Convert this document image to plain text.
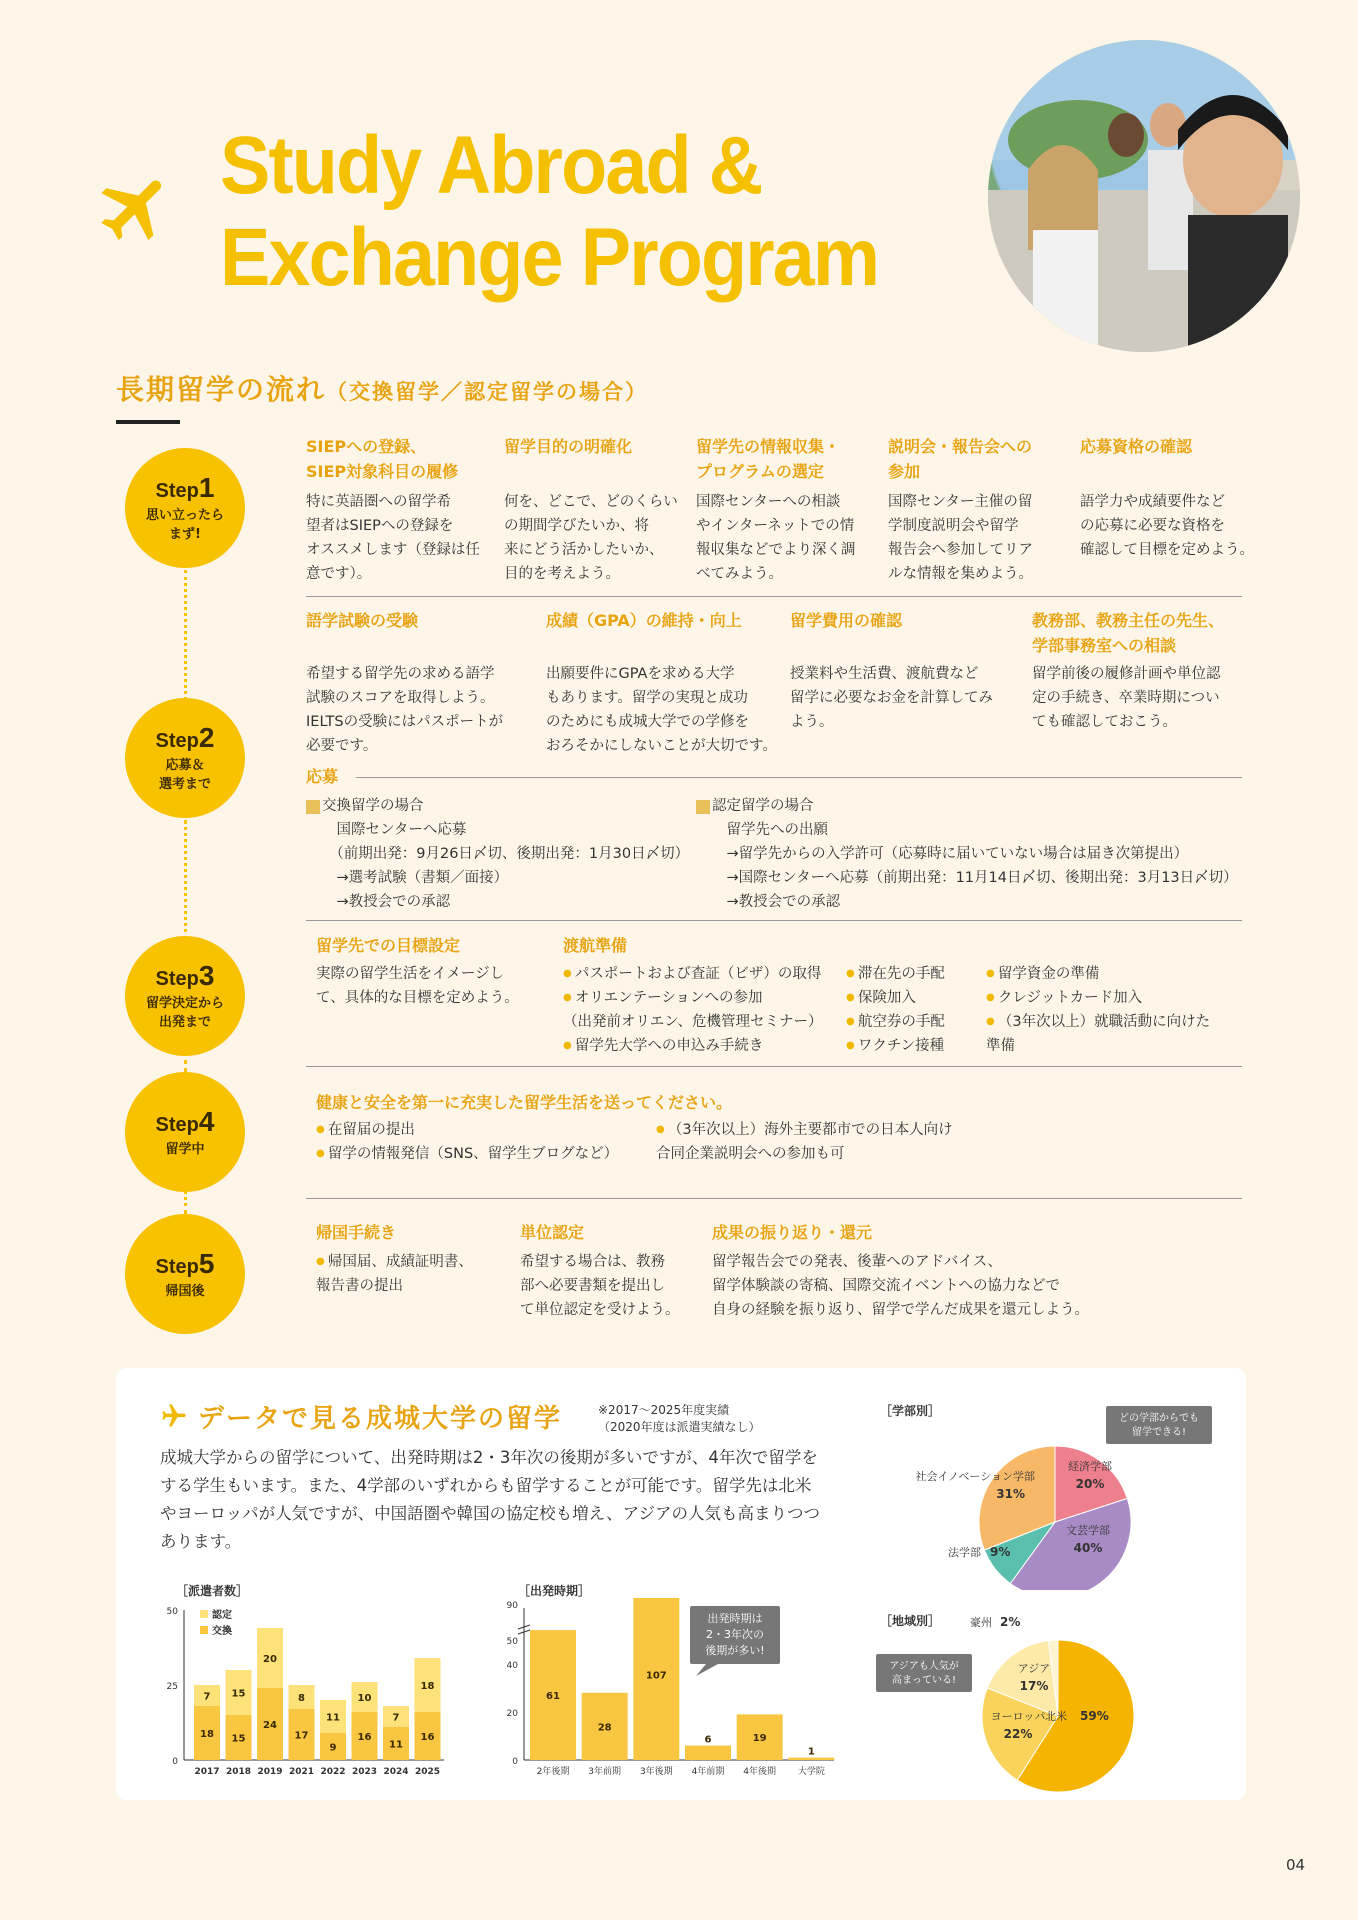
Study Abroad &
Exchange Program
長期留学の流れ（交換留学／認定留学の場合）
Step1
思い立ったら
まず!
Step2
応募＆
選考まで
Step3
留学決定から
出発まで
Step4
留学中
Step5
帰国後
SIEPへの登録、
SIEP対象科目の履修
特に英語圏への留学希
望者はSIEPへの登録を
オススメします（登録は任
意です）。
留学目的の明確化
何を、どこで、どのくらい
の期間学びたいか、将
来にどう活かしたいか、
目的を考えよう。
留学先の情報収集・
プログラムの選定
国際センターへの相談
やインターネットでの情
報収集などでより深く調
べてみよう。
説明会・報告会への
参加
国際センター主催の留
学制度説明会や留学
報告会へ参加してリア
ルな情報を集めよう。
応募資格の確認
語学力や成績要件など
の応募に必要な資格を
確認して目標を定めよう。
語学試験の受験
希望する留学先の求める語学
試験のスコアを取得しよう。
IELTSの受験にはパスポートが
必要です。
成績（GPA）の維持・向上
出願要件にGPAを求める大学
もあります。留学の実現と成功
のためにも成城大学での学修を
おろそかにしないことが大切です。
留学費用の確認
授業料や生活費、渡航費など
留学に必要なお金を計算してみ
よう。
教務部、教務主任の先生、
学部事務室への相談
留学前後の履修計画や単位認
定の手続き、卒業時期につい
ても確認しておこう。
応募
交換留学の場合
　国際センターへ応募
　（前期出発：9月26日〆切、後期出発：1月30日〆切）
　→選考試験（書類／面接）
　→教授会での承認
認定留学の場合
　留学先への出願
　→留学先からの入学許可（応募時に届いていない場合は届き次第提出）
　→国際センターへ応募（前期出発：11月14日〆切、後期出発：3月13日〆切）
　→教授会での承認
留学先での目標設定
実際の留学生活をイメージし
て、具体的な目標を定めよう。
渡航準備
● パスポートおよび査証（ビザ）の取得
● オリエンテーションへの参加
（出発前オリエン、危機管理セミナー）
● 留学先大学への申込み手続き
● 滞在先の手配
● 保険加入
● 航空券の手配
● ワクチン接種
● 留学資金の準備
● クレジットカード加入
● （3年次以上）就職活動に向けた
準備
健康と安全を第一に充実した留学生活を送ってください。
● 在留届の提出
● 留学の情報発信（SNS、留学生ブログなど）
● （3年次以上）海外主要都市での日本人向け
合同企業説明会への参加も可
帰国手続き
● 帰国届、成績証明書、
報告書の提出
単位認定
希望する場合は、教務
部へ必要書類を提出し
て単位認定を受けよう。
成果の振り返り・還元
留学報告会での発表、後輩へのアドバイス、
留学体験談の寄稿、国際交流イベントへの協力などで
自身の経験を振り返り、留学で学んだ成果を還元しよう。
データで見る成城大学の留学	※2017〜2025年度実績
（2020年度は派遣実績なし）
成城大学からの留学について、出発時期は2・3年次の後期が多いですが、4年次で留学をする学生もいます。また、4学部のいずれからも留学することが可能です。留学先は北米やヨーロッパが人気ですが、中国語圏や韓国の協定校も増え、アジアの人気も高まりつつあります。
［派遣者数］
0
25
50	認定
交換
18
7
2017
15
15
2018
24
20
2019
17
8
2021
9
11
2022
16
10
2023
11
7
2024
16
18
2025
［出発時期］
0
20
40
50
90
61
2年後期
28
3年前期
107
3年後期
6
4年前期
19
4年後期
1
大学院
出発時期は
2・3年次の
後期が多い!
［学部別］
経済学部
20%
文芸学部
40%
法学部 9%
社会イノベーション学部
31%
どの学部からでも
留学できる!
［地域別］
北米 59%
ヨーロッパ
22%
アジア
17%
豪州 2%
アジアも人気が
高まっている!
04
